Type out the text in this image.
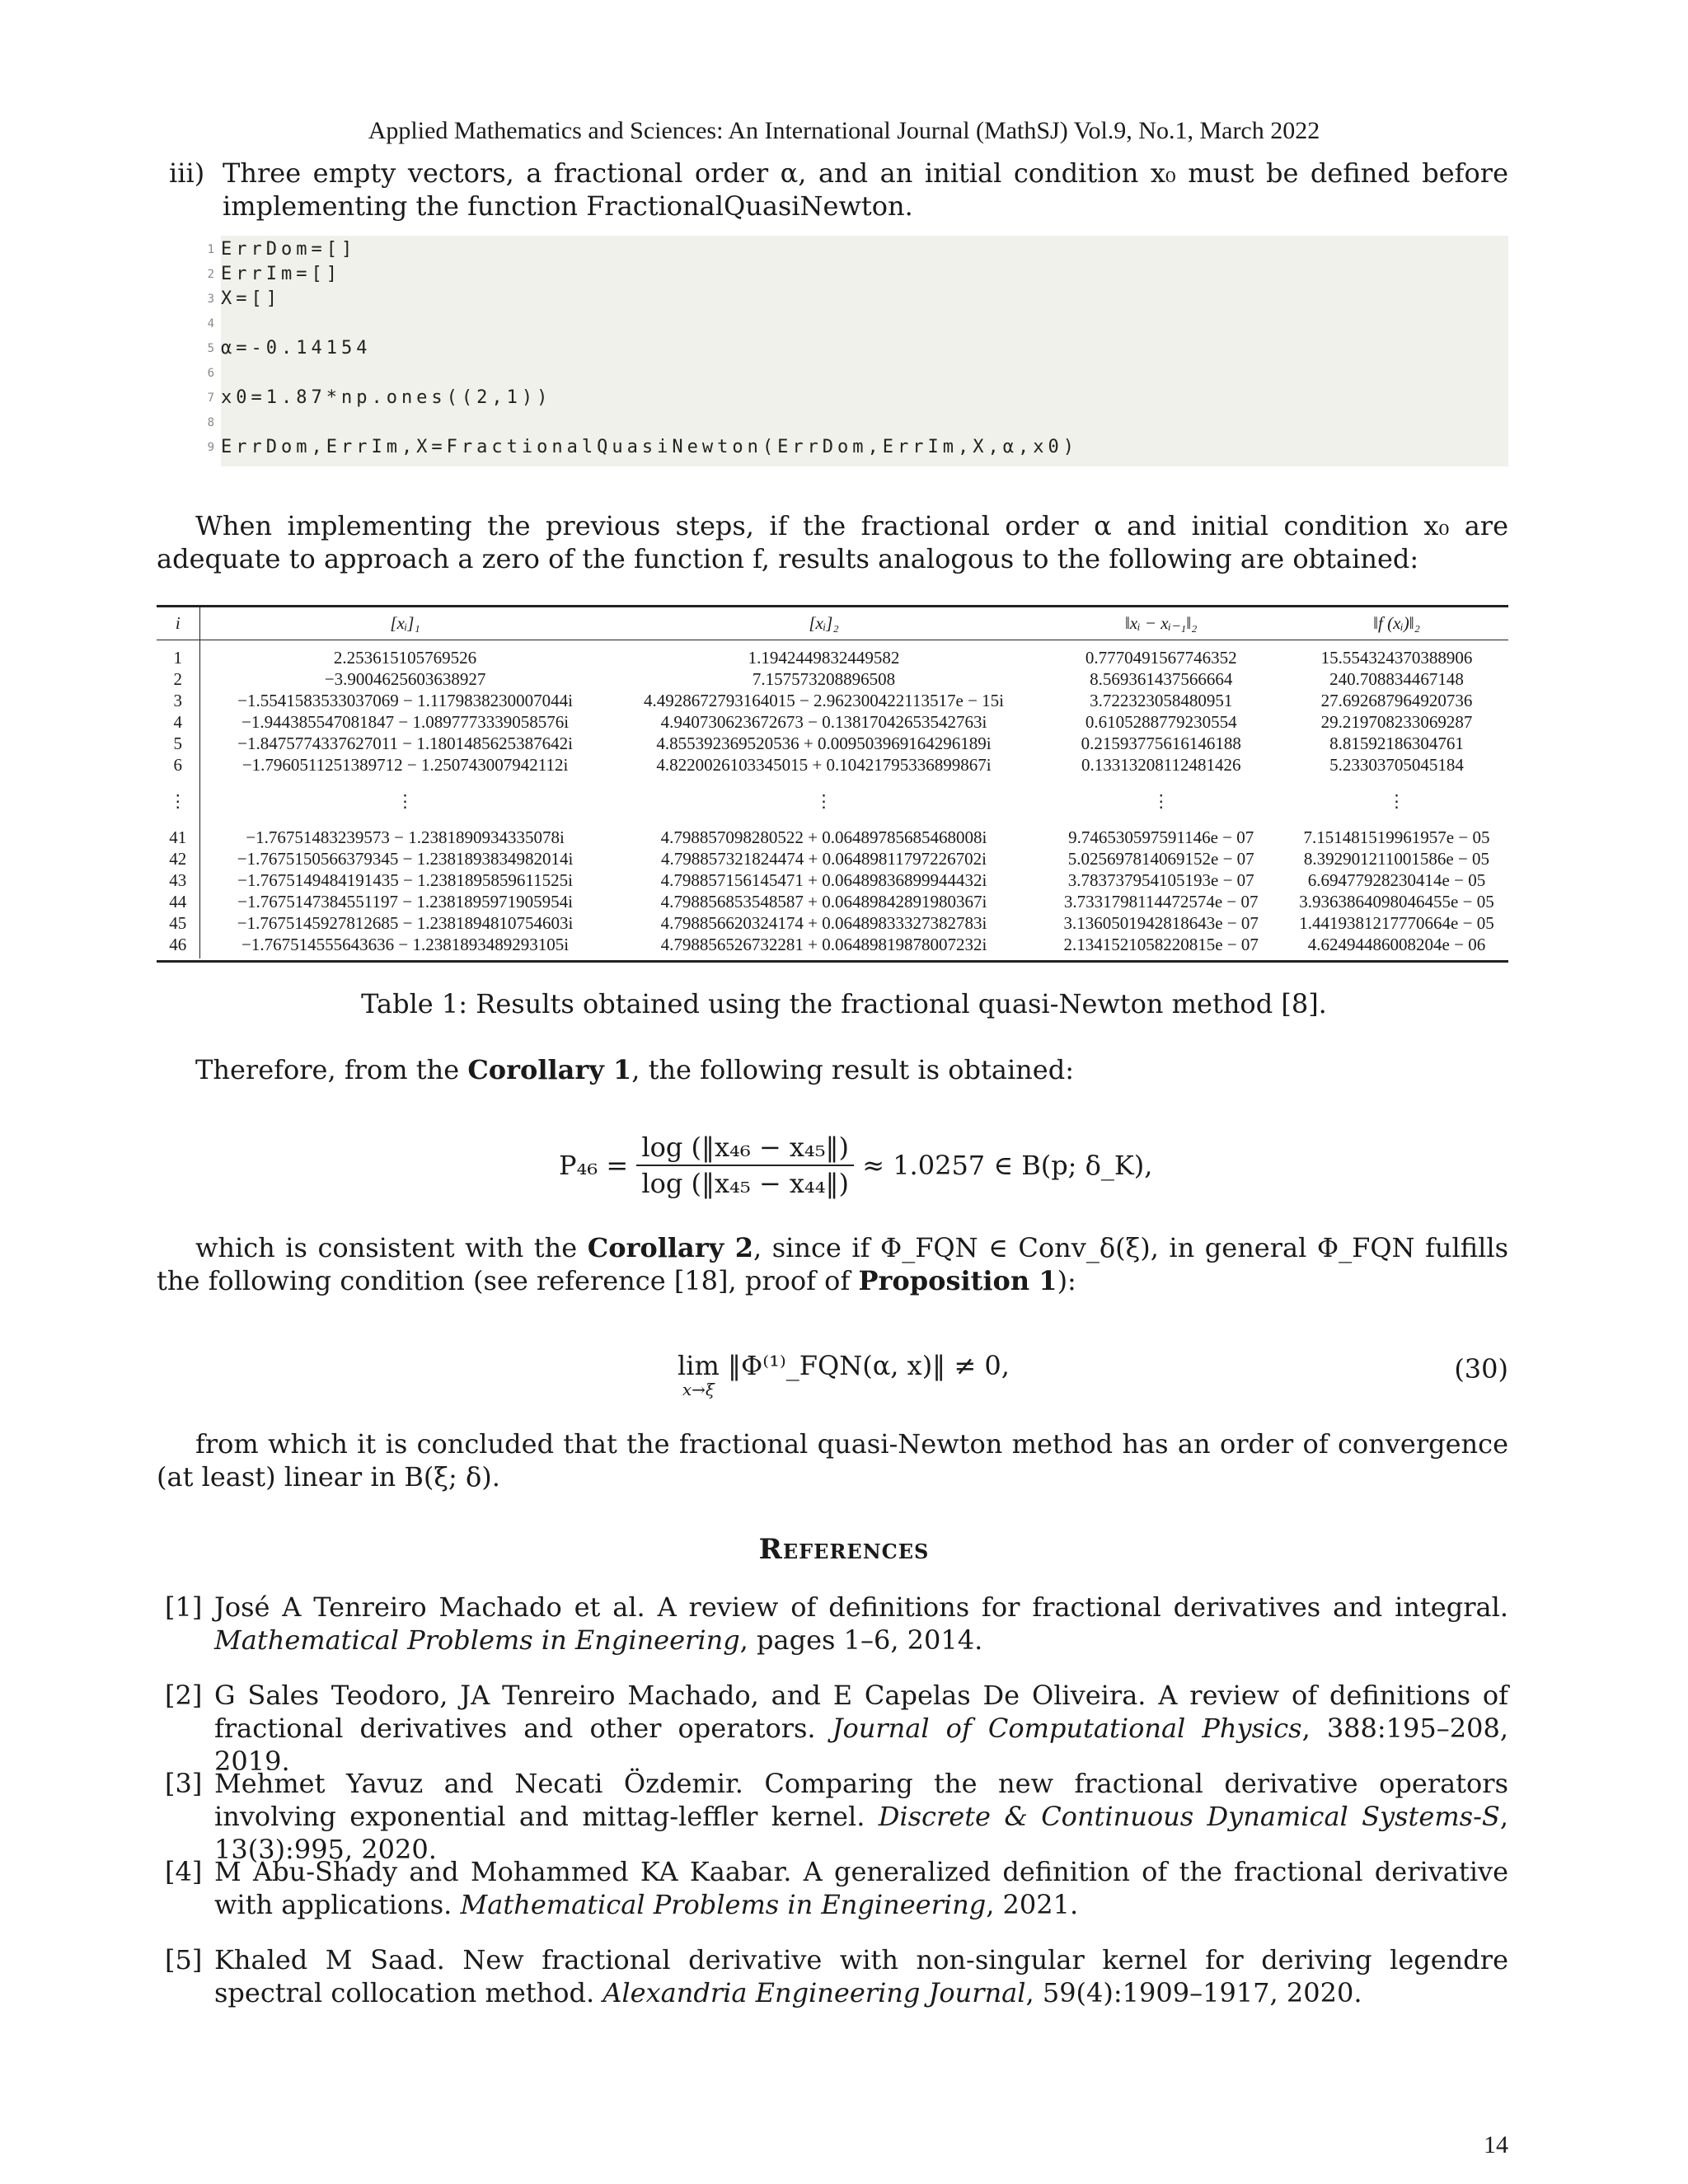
Applied Mathematics and Sciences: An International Journal (MathSJ) Vol.9, No.1, March 2022
iii) Three empty vectors, a fractional order α, and an initial condition x₀ must be defined before implementing the function FractionalQuasiNewton.
1 ErrDom=[]
2 ErrIm=[]
3 X=[]
4
5 α=-0.14154
6
7 x0=1.87*np.ones((2,1))
8
9 ErrDom,ErrIm,X=FractionalQuasiNewton(ErrDom,ErrIm,X,α,x0)
When implementing the previous steps, if the fractional order α and initial condition x₀ are adequate to approach a zero of the function f, results analogous to the following are obtained:
i	[xᵢ]₁	[xᵢ]₂	‖xᵢ − xᵢ₋₁‖₂	‖f (xᵢ)‖₂
1	2.253615105769526	1.1942449832449582	0.7770491567746352	15.554324370388906
2	−3.9004625603638927	7.157573208896508	8.569361437566664	240.708834467148
3	−1.5541583533037069 − 1.1179838230007044i	4.4928672793164015 − 2.962300422113517e − 15i	3.722323058480951	27.692687964920736
4	−1.944385547081847 − 1.0897773339058576i	4.940730623672673 − 0.13817042653542763i	0.6105288779230554	29.219708233069287
5	−1.8475774337627011 − 1.1801485625387642i	4.855392369520536 + 0.009503969164296189i	0.21593775616146188	8.81592186304761
6	−1.7960511251389712 − 1.250743007942112i	4.8220026103345015 + 0.10421795336899867i	0.13313208112481426	5.23303705045184
⋮	⋮	⋮	⋮	⋮
41	−1.76751483239573 − 1.2381890934335078i	4.798857098280522 + 0.06489785685468008i	9.746530597591146e − 07	7.151481519961957e − 05
42	−1.7675150566379345 − 1.2381893834982014i	4.798857321824474 + 0.06489811797226702i	5.025697814069152e − 07	8.392901211001586e − 05
43	−1.7675149484191435 − 1.2381895859611525i	4.798857156145471 + 0.06489836899944432i	3.783737954105193e − 07	6.69477928230414e − 05
44	−1.7675147384551197 − 1.2381895971905954i	4.798856853548587 + 0.06489842891980367i	3.7331798114472574e − 07	3.9363864098046455e − 05
45	−1.7675145927812685 − 1.2381894810754603i	4.798856620324174 + 0.06489833327382783i	3.1360501942818643e − 07	1.4419381217770664e − 05
46	−1.767514555643636 − 1.2381893489293105i	4.798856526732281 + 0.06489819878007232i	2.1341521058220815e − 07	4.62494486008204e − 06
Table 1: Results obtained using the fractional quasi-Newton method [8].
Therefore, from the Corollary 1, the following result is obtained:
$P_{46} = \frac{\text{log (‖x₄₆ − x₄₅‖)}}{\text{log (‖x₄₅ − x₄₄‖)}} \approx 1.0257$ ∈ B(p; δ_K),
which is consistent with the Corollary 2, since if Φ_FQN ∈ Conv_δ(ξ), in general Φ_FQN fulfills the following condition (see reference [18], proof of Proposition 1):
lim
x→ξ
‖Φ⁽¹⁾_FQN(α, x)‖ ≠ 0,	(30)
from which it is concluded that the fractional quasi-Newton method has an order of convergence (at least) linear in B(ξ; δ).
References
[1] José A Tenreiro Machado et al. A review of definitions for fractional derivatives and integral. Mathematical Problems in Engineering, pages 1–6, 2014.
[2] G Sales Teodoro, JA Tenreiro Machado, and E Capelas De Oliveira. A review of definitions of fractional derivatives and other operators. Journal of Computational Physics, 388:195–208, 2019.
[3] Mehmet Yavuz and Necati Özdemir. Comparing the new fractional derivative operators involving exponential and mittag-leffler kernel. Discrete & Continuous Dynamical Systems-S, 13(3):995, 2020.
[4] M Abu-Shady and Mohammed KA Kaabar. A generalized definition of the fractional derivative with applications. Mathematical Problems in Engineering, 2021.
[5] Khaled M Saad. New fractional derivative with non-singular kernel for deriving legendre spectral collocation method. Alexandria Engineering Journal, 59(4):1909–1917, 2020.
14
